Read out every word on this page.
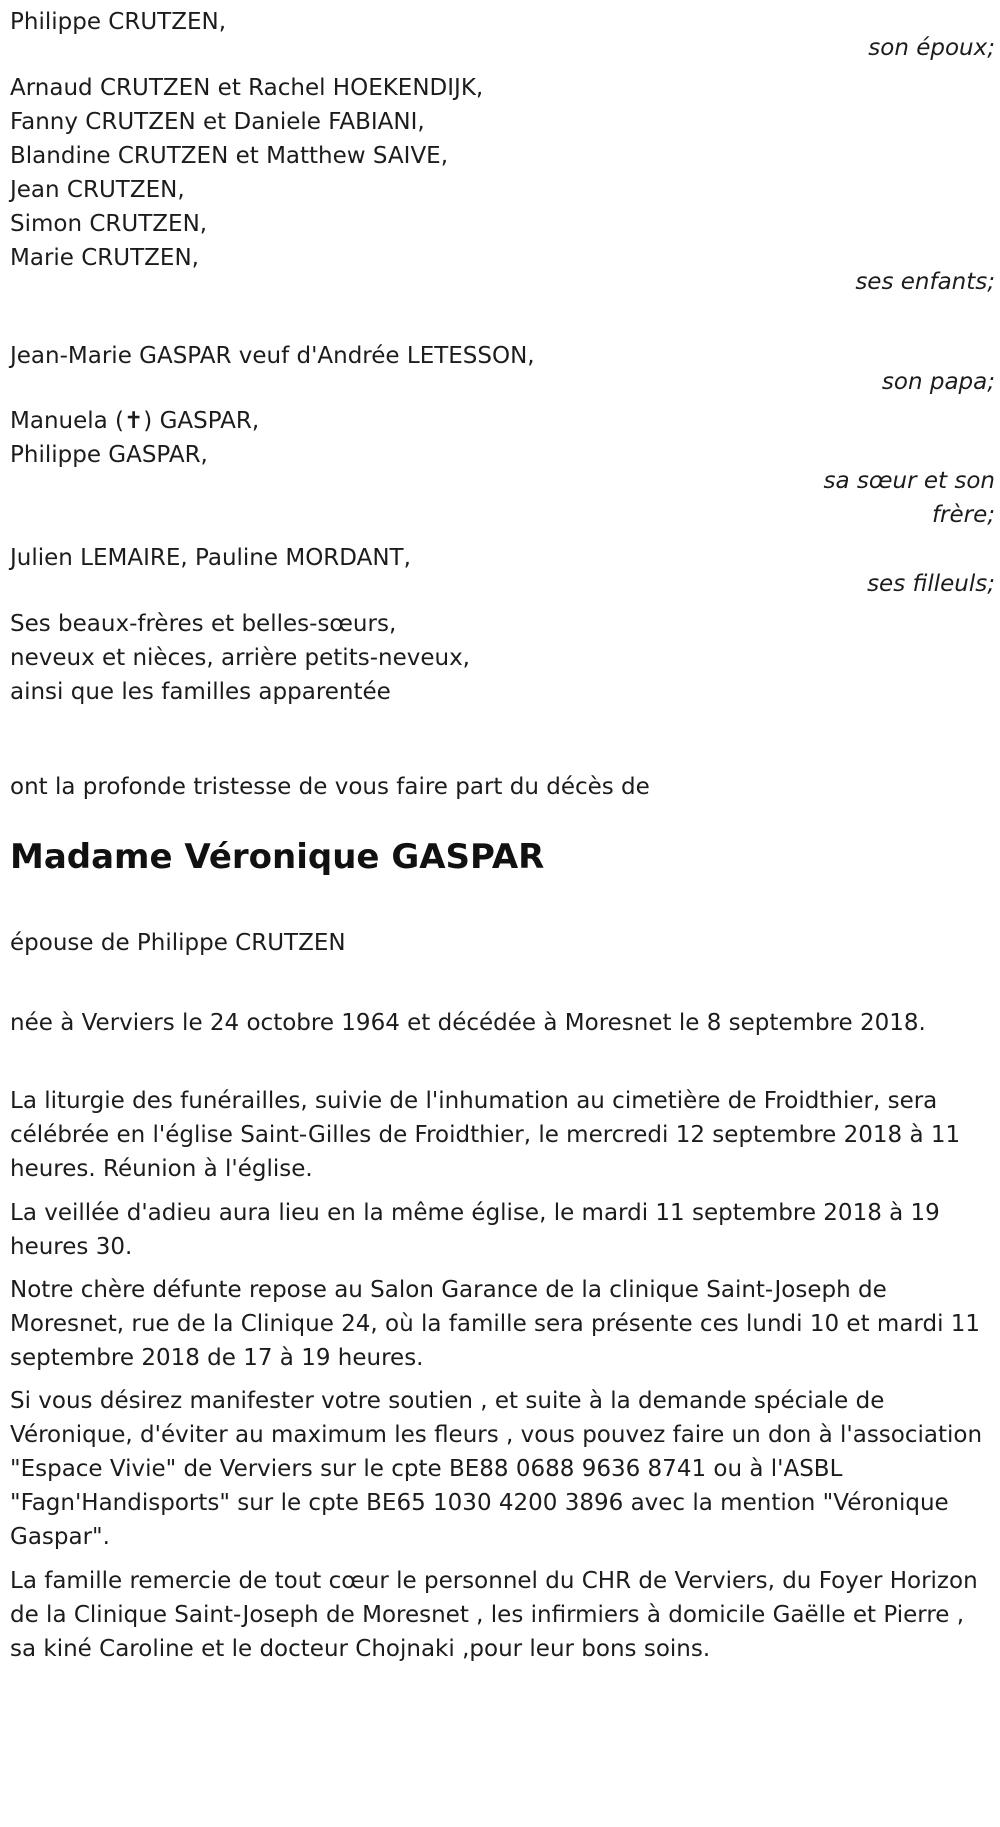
Philippe CRUTZEN,
son époux;
Arnaud CRUTZEN et Rachel HOEKENDIJK,
Fanny CRUTZEN et Daniele FABIANI,
Blandine CRUTZEN et Matthew SAIVE,
Jean CRUTZEN,
Simon CRUTZEN,
Marie CRUTZEN,
ses enfants;
Jean-Marie GASPAR veuf d'Andrée LETESSON,
son papa;
Manuela (✝) GASPAR,
Philippe GASPAR,
sa sœur et son
frère;
Julien LEMAIRE, Pauline MORDANT,
ses filleuls;
Ses beaux-frères et belles-sœurs,
neveux et nièces, arrière petits-neveux,
ainsi que les familles apparentée
ont la profonde tristesse de vous faire part du décès de
Madame Véronique GASPAR
épouse de Philippe CRUTZEN
née à Verviers le 24 octobre 1964 et décédée à Moresnet le 8 septembre 2018.
La liturgie des funérailles, suivie de l'inhumation au cimetière de Froidthier, sera célébrée en l'église Saint-Gilles de Froidthier, le mercredi 12 septembre 2018 à 11 heures. Réunion à l'église.
La veillée d'adieu aura lieu en la même église, le mardi 11 septembre 2018 à 19 heures 30.
Notre chère défunte repose au Salon Garance de la clinique Saint-Joseph de Moresnet, rue de la Clinique 24, où la famille sera présente ces lundi 10 et mardi 11 septembre 2018 de 17 à 19 heures.
Si vous désirez manifester votre soutien , et suite à la demande spéciale de Véronique, d'éviter au maximum les fleurs , vous pouvez faire un don à l'association "Espace Vivie" de Verviers sur le cpte BE88 0688 9636 8741 ou à l'ASBL "Fagn'Handisports" sur le cpte BE65 1030 4200 3896 avec la mention "Véronique Gaspar".
La famille remercie de tout cœur le personnel du CHR de Verviers, du Foyer Horizon de la Clinique Saint-Joseph de Moresnet , les infirmiers à domicile Gaëlle et Pierre , sa kiné Caroline et le docteur Chojnaki ,pour leur bons soins.
